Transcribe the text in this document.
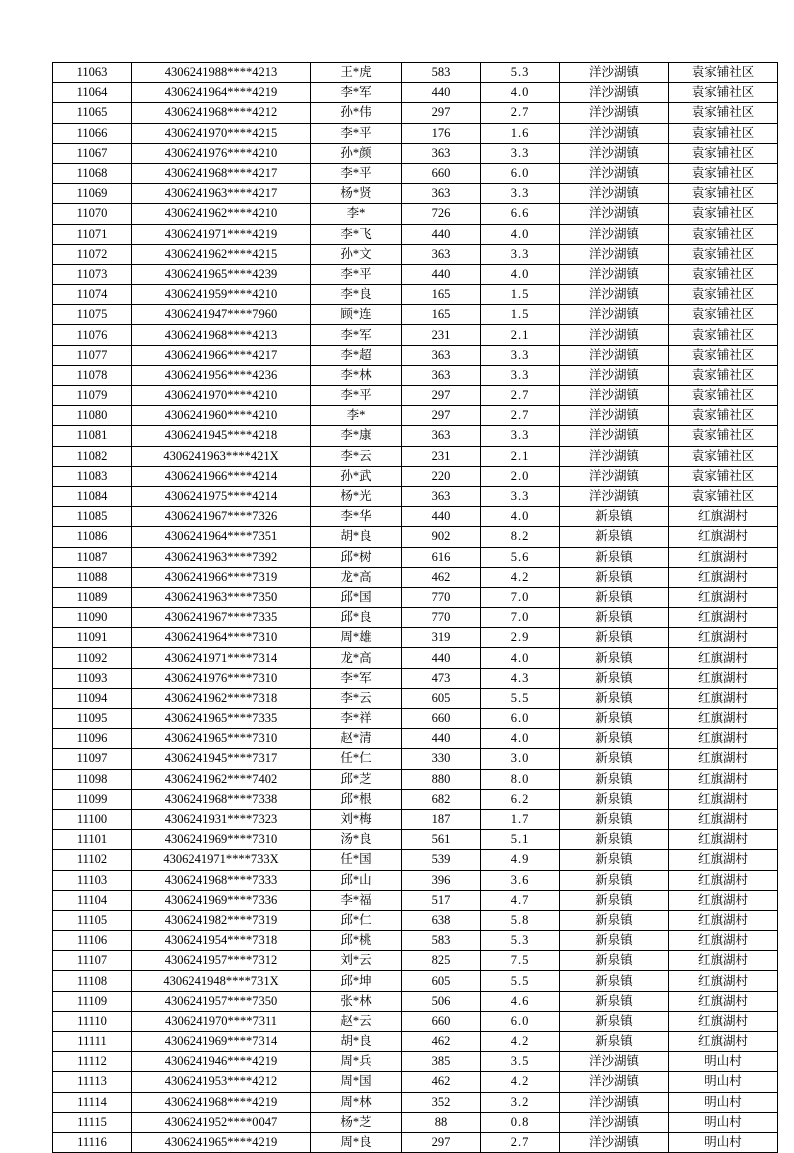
11063	4306241988****4213	王*虎	583	5.3	洋沙湖镇	袁家铺社区
11064	4306241964****4219	李*军	440	4.0	洋沙湖镇	袁家铺社区
11065	4306241968****4212	孙*伟	297	2.7	洋沙湖镇	袁家铺社区
11066	4306241970****4215	李*平	176	1.6	洋沙湖镇	袁家铺社区
11067	4306241976****4210	孙*颜	363	3.3	洋沙湖镇	袁家铺社区
11068	4306241968****4217	李*平	660	6.0	洋沙湖镇	袁家铺社区
11069	4306241963****4217	杨*贤	363	3.3	洋沙湖镇	袁家铺社区
11070	4306241962****4210	李*	726	6.6	洋沙湖镇	袁家铺社区
11071	4306241971****4219	李*飞	440	4.0	洋沙湖镇	袁家铺社区
11072	4306241962****4215	孙*文	363	3.3	洋沙湖镇	袁家铺社区
11073	4306241965****4239	李*平	440	4.0	洋沙湖镇	袁家铺社区
11074	4306241959****4210	李*良	165	1.5	洋沙湖镇	袁家铺社区
11075	4306241947****7960	顾*连	165	1.5	洋沙湖镇	袁家铺社区
11076	4306241968****4213	李*军	231	2.1	洋沙湖镇	袁家铺社区
11077	4306241966****4217	李*超	363	3.3	洋沙湖镇	袁家铺社区
11078	4306241956****4236	李*林	363	3.3	洋沙湖镇	袁家铺社区
11079	4306241970****4210	李*平	297	2.7	洋沙湖镇	袁家铺社区
11080	4306241960****4210	李*	297	2.7	洋沙湖镇	袁家铺社区
11081	4306241945****4218	李*康	363	3.3	洋沙湖镇	袁家铺社区
11082	4306241963****421X	李*云	231	2.1	洋沙湖镇	袁家铺社区
11083	4306241966****4214	孙*武	220	2.0	洋沙湖镇	袁家铺社区
11084	4306241975****4214	杨*光	363	3.3	洋沙湖镇	袁家铺社区
11085	4306241967****7326	李*华	440	4.0	新泉镇	红旗湖村
11086	4306241964****7351	胡*良	902	8.2	新泉镇	红旗湖村
11087	4306241963****7392	邱*树	616	5.6	新泉镇	红旗湖村
11088	4306241966****7319	龙*高	462	4.2	新泉镇	红旗湖村
11089	4306241963****7350	邱*国	770	7.0	新泉镇	红旗湖村
11090	4306241967****7335	邱*良	770	7.0	新泉镇	红旗湖村
11091	4306241964****7310	周*雄	319	2.9	新泉镇	红旗湖村
11092	4306241971****7314	龙*高	440	4.0	新泉镇	红旗湖村
11093	4306241976****7310	李*军	473	4.3	新泉镇	红旗湖村
11094	4306241962****7318	李*云	605	5.5	新泉镇	红旗湖村
11095	4306241965****7335	李*祥	660	6.0	新泉镇	红旗湖村
11096	4306241965****7310	赵*清	440	4.0	新泉镇	红旗湖村
11097	4306241945****7317	任*仁	330	3.0	新泉镇	红旗湖村
11098	4306241962****7402	邱*芝	880	8.0	新泉镇	红旗湖村
11099	4306241968****7338	邱*根	682	6.2	新泉镇	红旗湖村
11100	4306241931****7323	刘*梅	187	1.7	新泉镇	红旗湖村
11101	4306241969****7310	汤*良	561	5.1	新泉镇	红旗湖村
11102	4306241971****733X	任*国	539	4.9	新泉镇	红旗湖村
11103	4306241968****7333	邱*山	396	3.6	新泉镇	红旗湖村
11104	4306241969****7336	李*福	517	4.7	新泉镇	红旗湖村
11105	4306241982****7319	邱*仁	638	5.8	新泉镇	红旗湖村
11106	4306241954****7318	邱*桃	583	5.3	新泉镇	红旗湖村
11107	4306241957****7312	刘*云	825	7.5	新泉镇	红旗湖村
11108	4306241948****731X	邱*坤	605	5.5	新泉镇	红旗湖村
11109	4306241957****7350	张*林	506	4.6	新泉镇	红旗湖村
11110	4306241970****7311	赵*云	660	6.0	新泉镇	红旗湖村
11111	4306241969****7314	胡*良	462	4.2	新泉镇	红旗湖村
11112	4306241946****4219	周*兵	385	3.5	洋沙湖镇	明山村
11113	4306241953****4212	周*国	462	4.2	洋沙湖镇	明山村
11114	4306241968****4219	周*林	352	3.2	洋沙湖镇	明山村
11115	4306241952****0047	杨*芝	88	0.8	洋沙湖镇	明山村
11116	4306241965****4219	周*良	297	2.7	洋沙湖镇	明山村
